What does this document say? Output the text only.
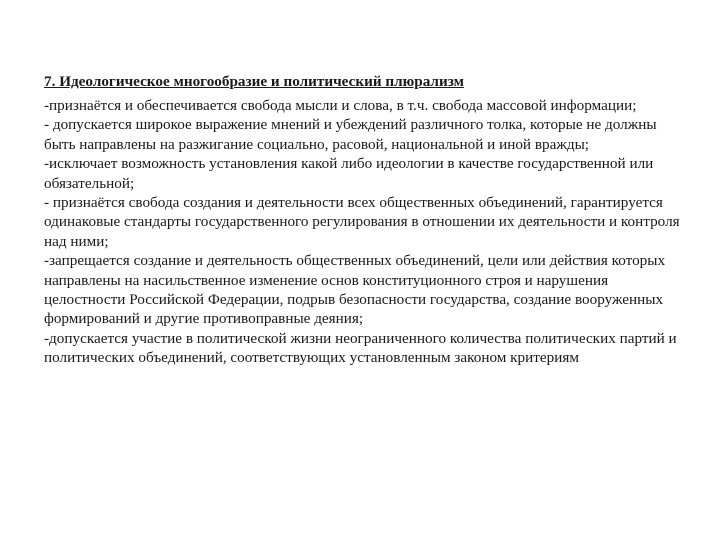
7. Идеологическое многообразие и политический плюрализм

-признаётся и обеспечивается свобода мысли и слова, в т.ч. свобода массовой информации;

- допускается широкое выражение мнений и убеждений различного толка, которые не должны быть направлены на разжигание социально, расовой, национальной и иной вражды;

-исключает возможность установления какой либо идеологии в качестве государственной или обязательной;

- признаётся свобода создания и деятельности всех общественных объединений, гарантируется одинаковые стандарты государственного регулирования в отношении их деятельности и контроля над ними;

-запрещается создание и деятельность общественных объединений, цели или действия которых направлены на насильственное изменение основ конституционного строя и нарушения целостности Российской Федерации, подрыв безопасности государства, создание вооруженных формирований и другие противоправные деяния;

-допускается участие в политической жизни неограниченного количества политических партий и политических объединений, соответствующих установленным законом критериям
